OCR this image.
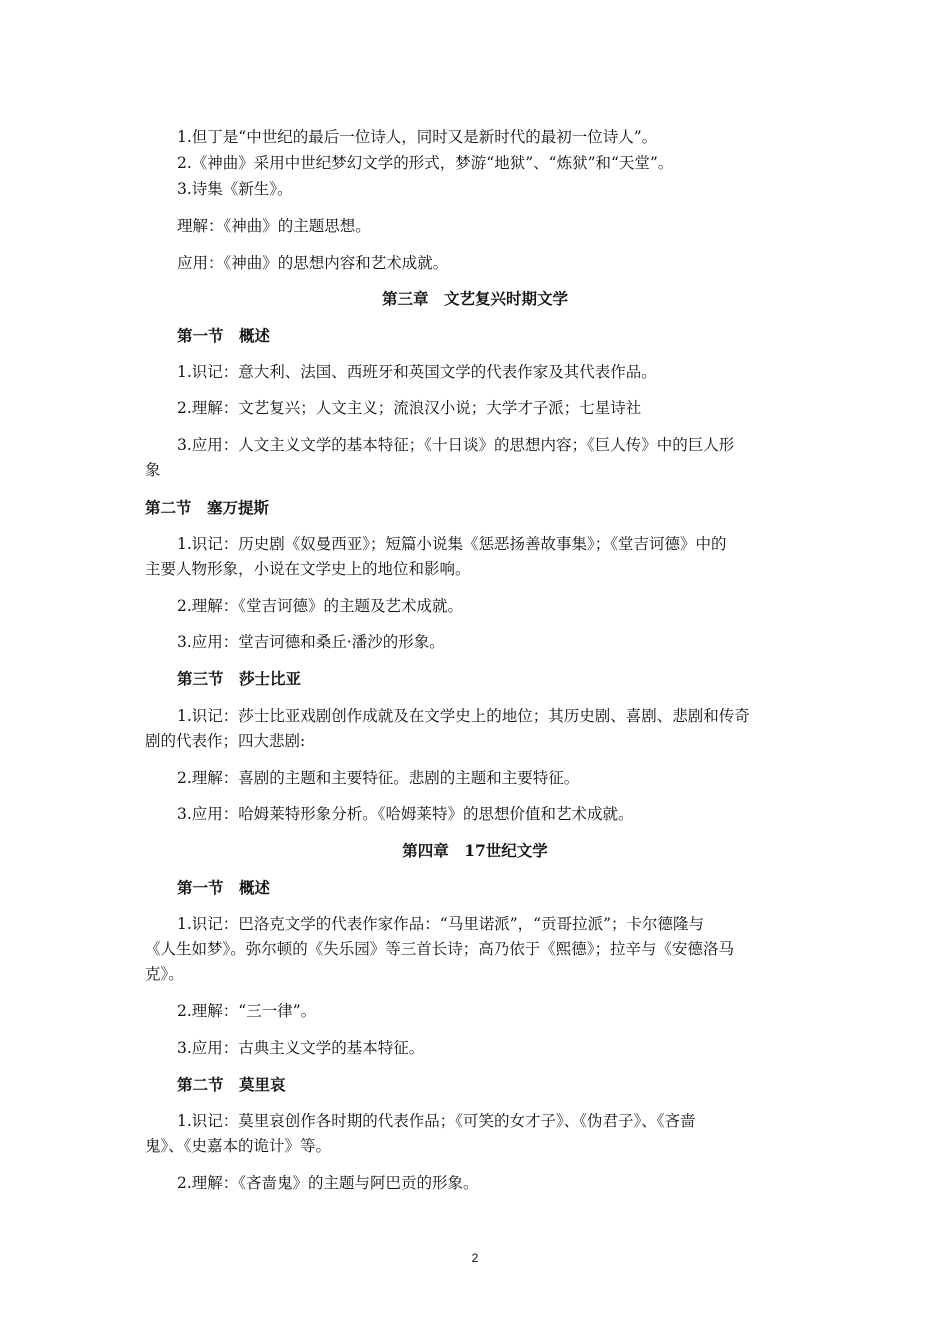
1.但丁是“中世纪的最后一位诗人，同时又是新时代的最初一位诗人”。
2.《神曲》采用中世纪梦幻文学的形式，梦游“地狱”、“炼狱”和“天堂”。
3.诗集《新生》。
理解：《神曲》的主题思想。
应用：《神曲》的思想内容和艺术成就。
第三章　文艺复兴时期文学
第一节　概述
1.识记：意大利、法国、西班牙和英国文学的代表作家及其代表作品。
2.理解：文艺复兴；人文主义；流浪汉小说；大学才子派；七星诗社
3.应用：人文主义文学的基本特征；《十日谈》的思想内容；《巨人传》中的巨人形
象
第二节　塞万提斯
1.识记：历史剧《奴曼西亚》；短篇小说集《惩恶扬善故事集》；《堂吉诃德》中的
主要人物形象，小说在文学史上的地位和影响。
2.理解：《堂吉诃德》的主题及艺术成就。
3.应用：堂吉诃德和桑丘·潘沙的形象。
第三节　莎士比亚
1.识记：莎士比亚戏剧创作成就及在文学史上的地位；其历史剧、喜剧、悲剧和传奇
剧的代表作；四大悲剧:
2.理解：喜剧的主题和主要特征。悲剧的主题和主要特征。
3.应用：哈姆莱特形象分析。《哈姆莱特》的思想价值和艺术成就。
第四章　17世纪文学
第一节　概述
1.识记：巴洛克文学的代表作家作品：“马里诺派”，“贡哥拉派”；卡尔德隆与
《人生如梦》。弥尔顿的《失乐园》等三首长诗；高乃依于《熙德》；拉辛与《安德洛马
克》。
2.理解：“三一律”。
3.应用：古典主义文学的基本特征。
第二节　莫里哀
1.识记：莫里哀创作各时期的代表作品；《可笑的女才子》、《伪君子》、《吝啬
鬼》、《史嘉本的诡计》等。
2.理解：《吝啬鬼》的主题与阿巴贡的形象。
2
